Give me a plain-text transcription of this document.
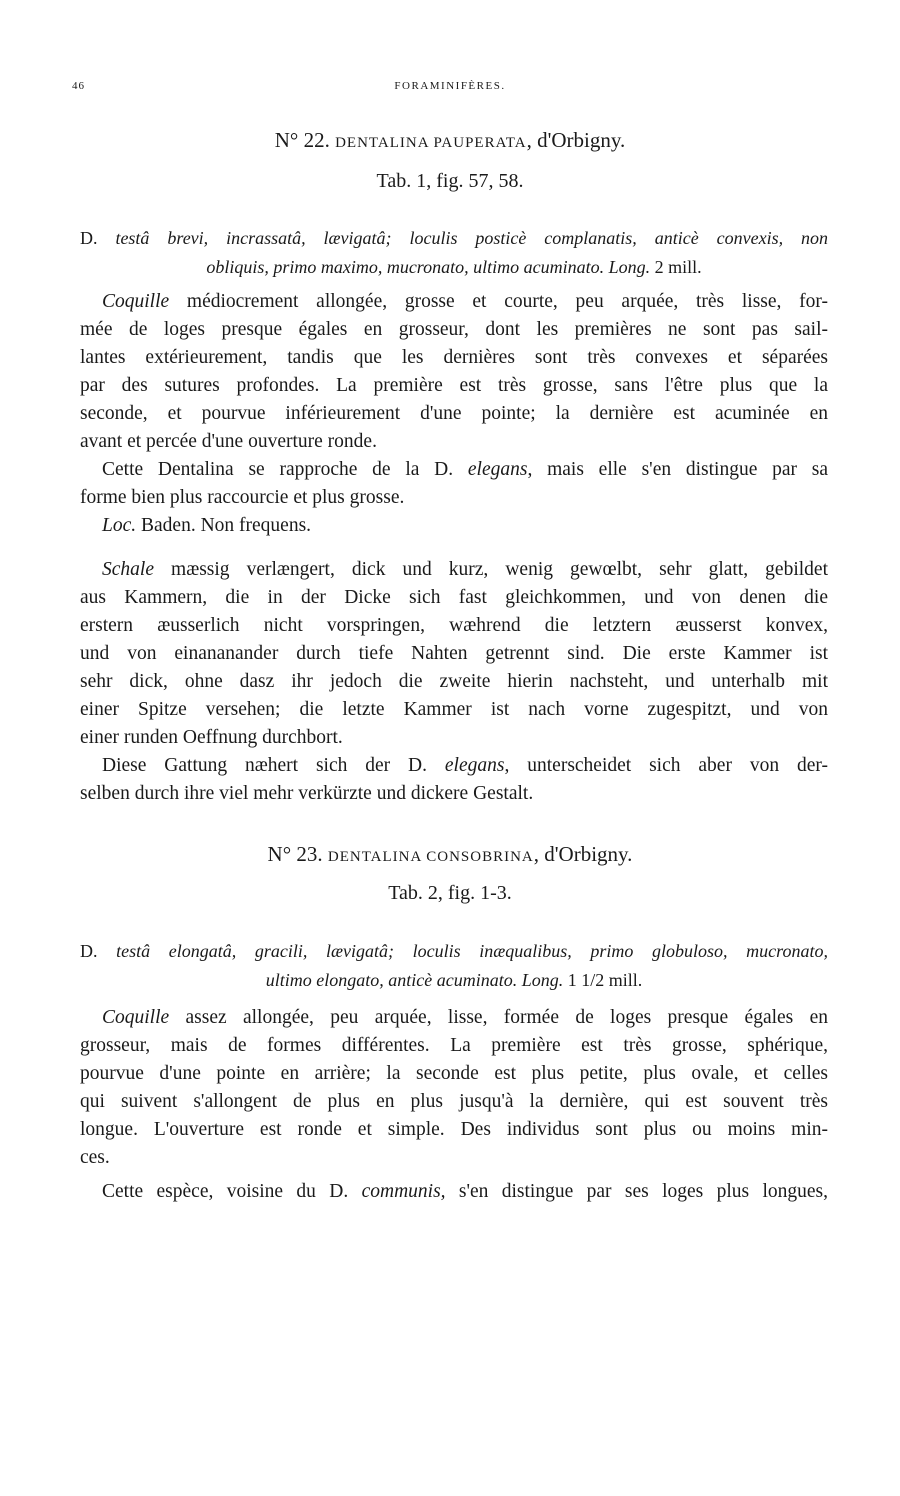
46	FORAMINIFÈRES.
N° 22. DENTALINA PAUPERATA, d'Orbigny.
Tab. 1, fig. 57, 58.
D. testâ brevi, incrassatâ, lævigatâ; loculis posticè complanatis, anticè convexis, non
obliquis, primo maximo, mucronato, ultimo acuminato. Long. 2 mill.
Coquille médiocrement allongée, grosse et courte, peu arquée, très lisse, for-
mée de loges presque égales en grosseur, dont les premières ne sont pas sail-
lantes extérieurement, tandis que les dernières sont très convexes et séparées
par des sutures profondes. La première est très grosse, sans l'être plus que la
seconde, et pourvue inférieurement d'une pointe; la dernière est acuminée en
avant et percée d'une ouverture ronde.
Cette Dentalina se rapproche de la D. elegans, mais elle s'en distingue par sa
forme bien plus raccourcie et plus grosse.
Loc. Baden. Non frequens.
Schale mæssig verlængert, dick und kurz, wenig gewœlbt, sehr glatt, gebildet
aus Kammern, die in der Dicke sich fast gleichkommen, und von denen die
erstern æusserlich nicht vorspringen, wæhrend die letztern æusserst konvex,
und von einananander durch tiefe Nahten getrennt sind. Die erste Kammer ist
sehr dick, ohne dasz ihr jedoch die zweite hierin nachsteht, und unterhalb mit
einer Spitze versehen; die letzte Kammer ist nach vorne zugespitzt, und von
einer runden Oeffnung durchbort.
Diese Gattung næhert sich der D. elegans, unterscheidet sich aber von der-
selben durch ihre viel mehr verkürzte und dickere Gestalt.
N° 23. DENTALINA CONSOBRINA, d'Orbigny.
Tab. 2, fig. 1-3.
D. testâ elongatâ, gracili, lævigatâ; loculis inæqualibus, primo globuloso, mucronato,
ultimo elongato, anticè acuminato. Long. 1 1/2 mill.
Coquille assez allongée, peu arquée, lisse, formée de loges presque égales en
grosseur, mais de formes différentes. La première est très grosse, sphérique,
pourvue d'une pointe en arrière; la seconde est plus petite, plus ovale, et celles
qui suivent s'allongent de plus en plus jusqu'à la dernière, qui est souvent très
longue. L'ouverture est ronde et simple. Des individus sont plus ou moins min-
ces.
Cette espèce, voisine du D. communis, s'en distingue par ses loges plus longues,
